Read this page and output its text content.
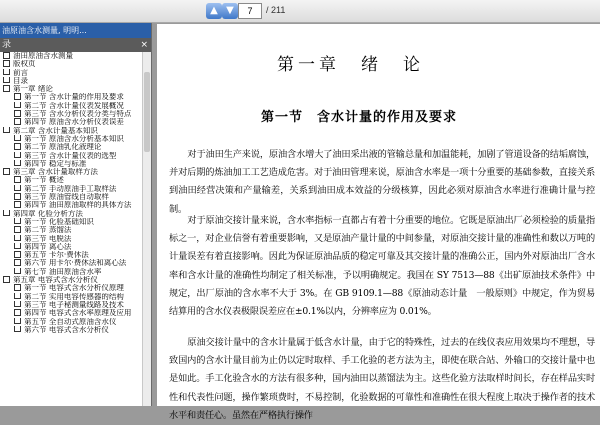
▲ ▼	7	/ 211
油原油含水测量, 明明...
录	×
油田原油含水测量
版权页
前言
目录
第一章 绪论
第一节 含水计量的作用及要求
第二节 含水计量仪表发展概况
第三节 含水分析仪表分类与特点
第四节 原油含水分析仪表误差
第二章 含水计量基本知识
第一节 原油含水分析基本知识
第二节 原油乳化液理论
第三节 含水计量仪表的选型
第四节 稳定与标准
第三章 含水计量取样方法
第一节 概述
第二节 手动原油手工取样法
第三节 原油管线自动取样
第四节 油田原油取样的具体方法
第四章 化验分析方法
第一节 化验基础知识
第二节 蒸馏法
第三节 电脱法
第四节 离心法
第五节 卡尔·费休法
第六节 用卡尔·费休法和离心法
第七节 油田原油含水率
第五章 电容式含水分析仪
第一节 电容式含水分析仪原理
第二节 实用电容传感器的结构
第三节 电子秘测量线路及技术
第四节 电容式含水率原理及应用
第五节 全自动式原油含水仪
第六节 电容式含水分析仪
第一章　绪　论
第一节　含水计量的作用及要求
对于油田生产来说，原油含水增大了油田采出液的管输总量和加温能耗，加剧了管道设备的结垢腐蚀，并对后期的炼油加工工艺造成危害。对于油田管理来说，原油含水率是一项十分重要的基础参数，直接关系到油田经营决策和产量输差，关系到油田成本效益的分级核算，因此必须对原油含水率进行准确计量与控制。
对于原油交接计量来说，含水率指标一直都占有着十分重要的地位。它既是原油出厂必须检验的质量指标之一，对企业信誉有着重要影响，又是原油产量计量的中间参量，对原油交接计量的准确性和数以万吨的计量误差有着直接影响。因此为保证原油品质的稳定可靠及其交接计量的准确公正，国内外对原油出厂含水率和含水计量的准确性均制定了相关标准，予以明确规定。我国在 SY 7513—88《出矿原油技术条件》中规定，出厂原油的含水率不大于 3%。在 GB 9109.1—88《原油动态计量　一般原则》中规定，作为贸易结算用的含水仪表极限误差应在±0.1%以内，分辨率应为 0.01%。
原油交接计量中的含水计量属于低含水计量，由于它的特殊性，过去的在线仪表应用效果均不理想，导致国内的含水计量目前为止仍以定时取样、手工化验的老方法为主，即使在联合站、外输口的交接计量中也是如此。手工化验含水的方法有很多种，国内油田以蒸馏法为主。这些化验方法取样时间长，存在样品实时性和代表性问题，操作繁琐费时，不易控制，化验数据的可靠性和准确性在很大程度上取决于操作者的技术水平和责任心。虽然在严格执行操作
